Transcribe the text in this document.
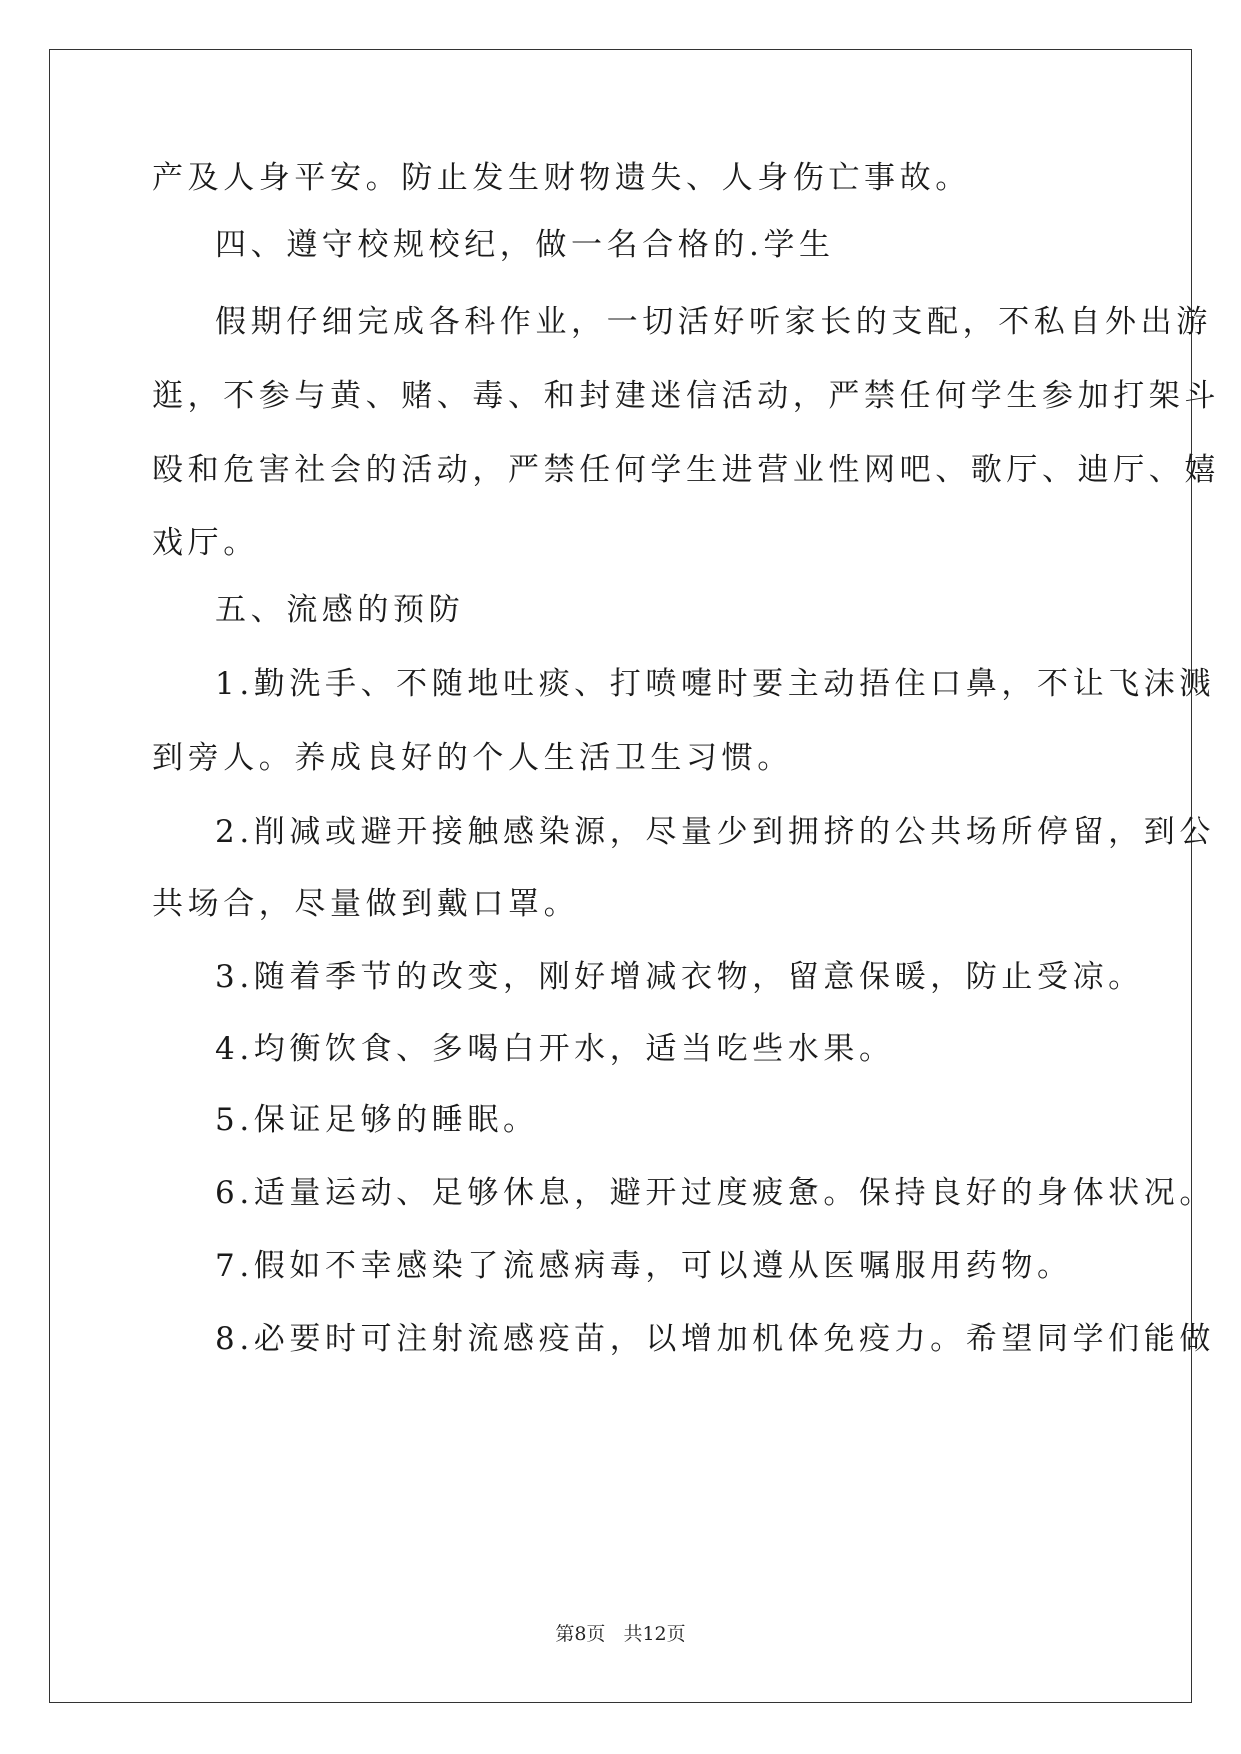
产及人身平安。防止发生财物遗失、人身伤亡事故。
四、遵守校规校纪，做一名合格的.学生
假期仔细完成各科作业，一切活好听家长的支配，不私自外出游
逛，不参与黄、赌、毒、和封建迷信活动，严禁任何学生参加打架斗
殴和危害社会的活动，严禁任何学生进营业性网吧、歌厅、迪厅、嬉
戏厅。
五、流感的预防
1.勤洗手、不随地吐痰、打喷嚏时要主动捂住口鼻，不让飞沫溅
到旁人。养成良好的个人生活卫生习惯。
2.削减或避开接触感染源，尽量少到拥挤的公共场所停留，到公
共场合，尽量做到戴口罩。
3.随着季节的改变，刚好增减衣物，留意保暖，防止受凉。
4.均衡饮食、多喝白开水，适当吃些水果。
5.保证足够的睡眠。
6.适量运动、足够休息，避开过度疲惫。保持良好的身体状况。
7.假如不幸感染了流感病毒，可以遵从医嘱服用药物。
8.必要时可注射流感疫苗，以增加机体免疫力。希望同学们能做
第8页 共12页
